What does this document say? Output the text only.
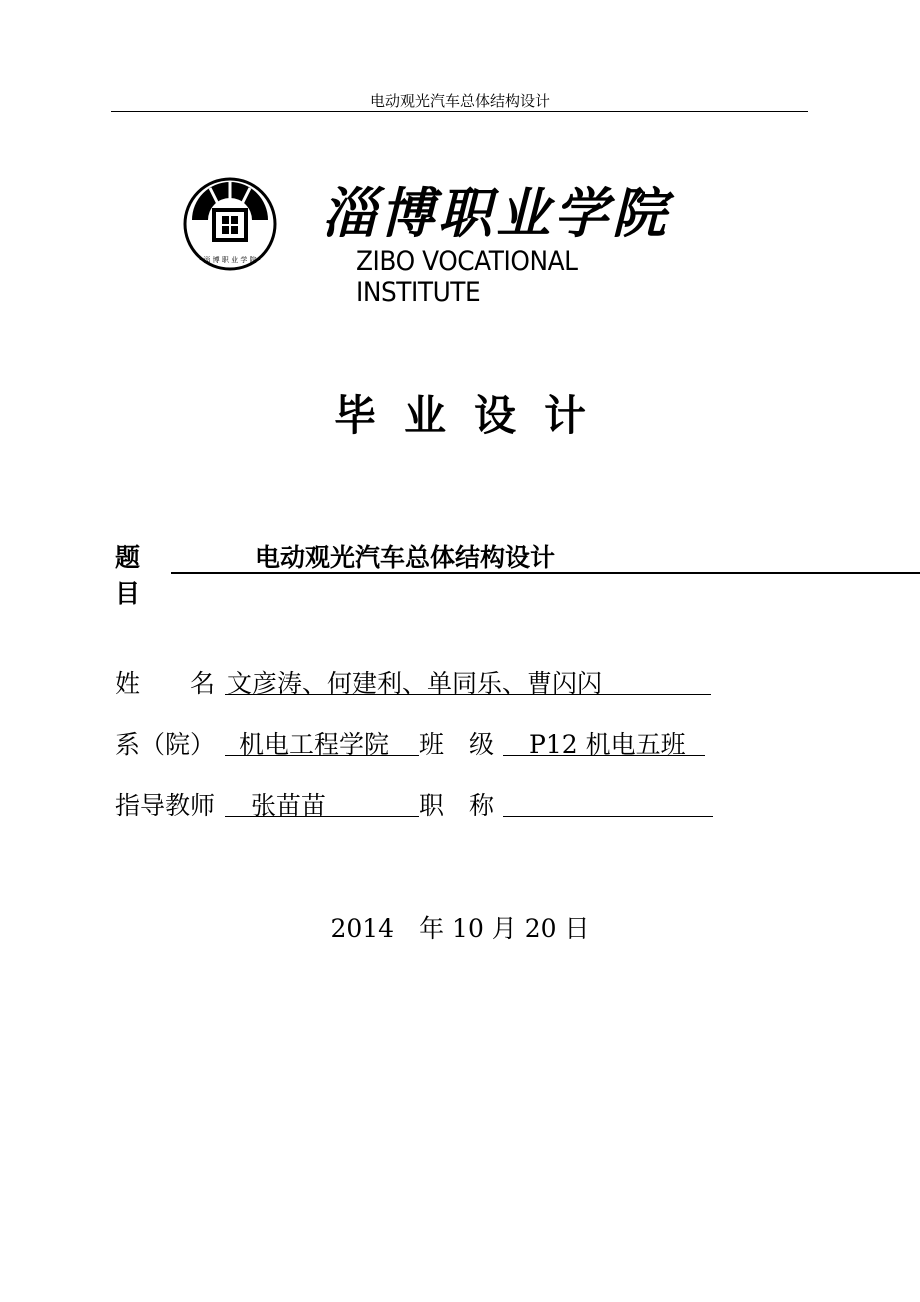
电动观光汽车总体结构设计
· 淄 博 职 业 学 院 ·
淄博职业学院
ZIBO VOCATIONAL INSTITUTE
毕业设计
题目
电动观光汽车总体结构设计
姓　　名 文彦涛、何建利、单同乐、曹闪闪
系（院） 机电工程学院 班　级 P12 机电五班
指导教师 张苗苗	职　称
2014　年 10 月 20 日
